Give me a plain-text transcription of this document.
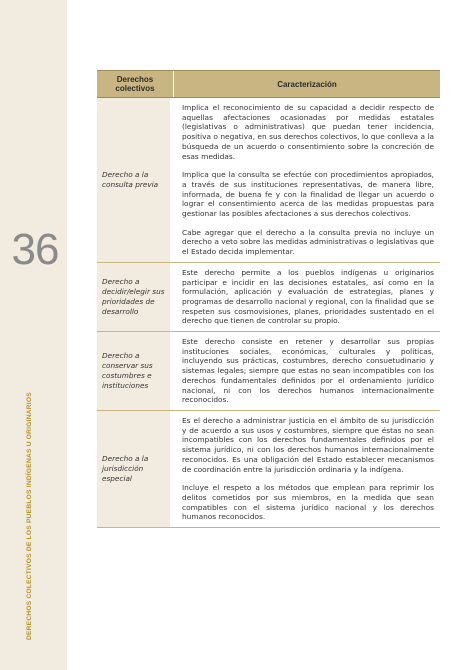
36
DERECHOS COLECTIVOS DE LOS PUEBLOS INDÍGENAS U ORIGINARIOS
Derechos colectivos	Caracterización
Derecho a la consulta previa

Implica el reconocimiento de su capacidad a decidir respecto de aquellas afectaciones ocasionadas por medidas estatales (legislativas o administrativas) que puedan tener incidencia, positiva o negativa, en sus derechos colectivos, lo que conlleva a la búsqueda de un acuerdo o consentimiento sobre la concreción de esas medidas.

Implica que la consulta se efectúe con procedimientos apropiados, a través de sus instituciones representativas, de manera libre, informada, de buena fe y con la finalidad de llegar un acuerdo o lograr el consentimiento acerca de las medidas propuestas para gestionar las posibles afectaciones a sus derechos colectivos.

Cabe agregar que el derecho a la consulta previa no incluye un derecho a veto sobre las medidas administrativas o legislativas que el Estado decida implementar.

Derecho a decidir/elegir sus prioridades de desarrollo

Este derecho permite a los pueblos indígenas u originarios participar e incidir en las decisiones estatales, así como en la formulación, aplicación y evaluación de estrategias, planes y programas de desarrollo nacional y regional, con la finalidad que se respeten sus cosmovisiones, planes, prioridades sustentado en el derecho que tienen de controlar su propio.

Derecho a conservar sus costumbres e instituciones

Este derecho consiste en retener y desarrollar sus propias instituciones sociales, económicas, culturales y políticas, incluyendo sus prácticas, costumbres, derecho consuetudinario y sistemas legales; siempre que estas no sean incompatibles con los derechos fundamentales definidos por el ordenamiento jurídico nacional, ni con los derechos humanos internacionalmente reconocidos.

Derecho a la jurisdicción especial

Es el derecho a administrar justicia en el ámbito de su jurisdicción y de acuerdo a sus usos y costumbres, siempre que éstas no sean incompatibles con los derechos fundamentales definidos por el sistema jurídico, ni con los derechos humanos internacionalmente reconocidos. Es una obligación del Estado establecer mecanismos de coordinación entre la jurisdicción ordinaria y la indígena.

Incluye el respeto a los métodos que emplean para reprimir los delitos cometidos por sus miembros, en la medida que sean compatibles con el sistema jurídico nacional y los derechos humanos reconocidos.
